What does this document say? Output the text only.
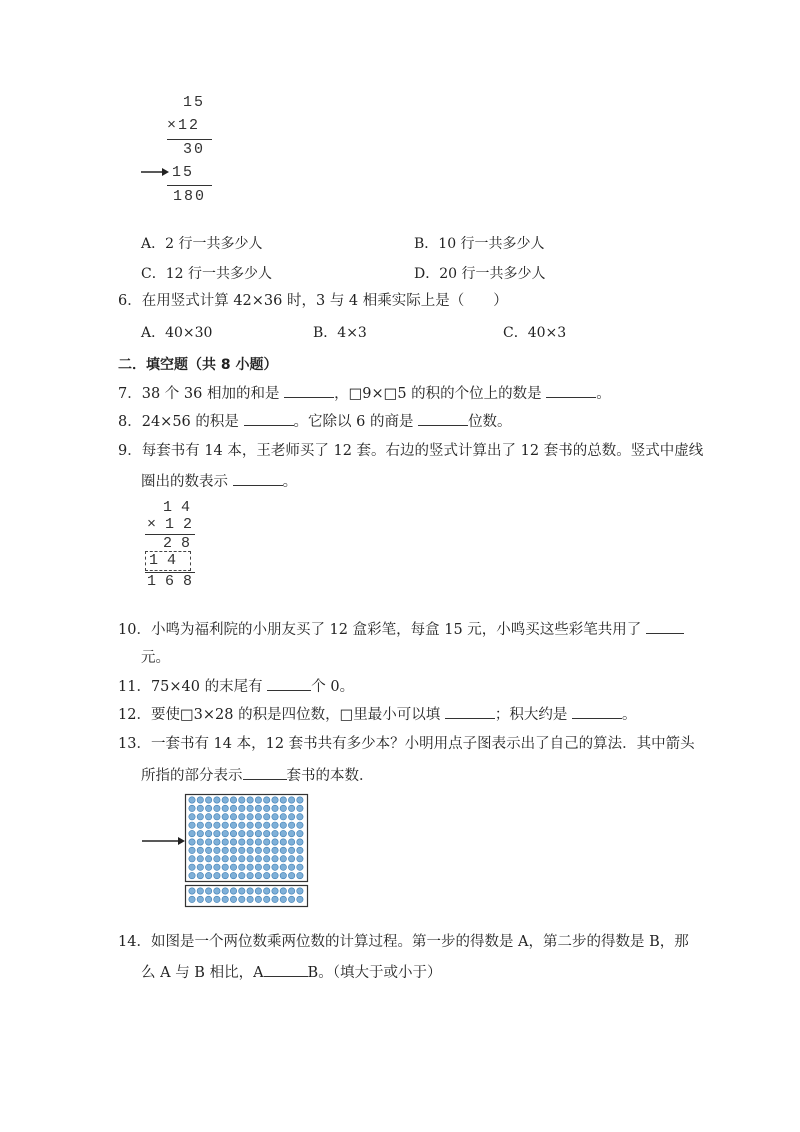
15
×12
30
15
180
A．2 行一共多少人	B．10 行一共多少人
C．12 行一共多少人	D．20 行一共多少人
6．在用竖式计算 42×36 时，3 与 4 相乘实际上是（　　）
A．40×30	B．4×3	C．40×3
二．填空题（共 8 小题）
7．38 个 36 相加的和是	，□9×□5 的积的个位上的数是	。
8．24×56 的积是	。它除以 6 的商是	位数。
9．每套书有 14 本，王老师买了 12 套。右边的竖式计算出了 12 套书的总数。竖式中虚线
圈出的数表示	。
1 4
× 1 2
2 8
1 4
1 6 8
10．小鸣为福利院的小朋友买了 12 盒彩笔，每盒 15 元，小鸣买这些彩笔共用了
元。
11．75×40 的末尾有	个 0。
12．要使□3×28 的积是四位数，□里最小可以填	；积大约是	。
13．一套书有 14 本，12 套书共有多少本？小明用点子图表示出了自己的算法．其中箭头
所指的部分表示	套书的本数．
14．如图是一个两位数乘两位数的计算过程。第一步的得数是 A，第二步的得数是 B，那
么 A 与 B 相比，A	B。（填大于或小于）
